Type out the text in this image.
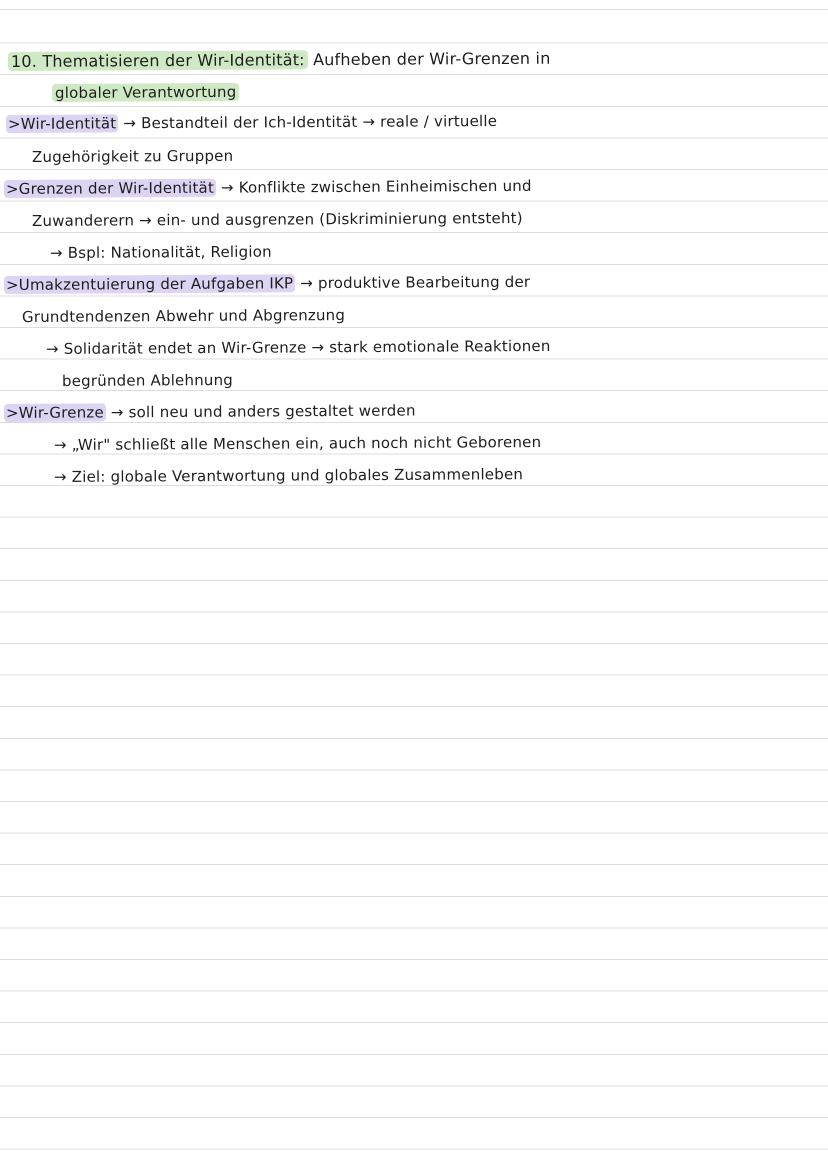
10. Thematisieren der Wir-Identität: Aufheben der Wir-Grenzen in
globaler Verantwortung
>Wir-Identität → Bestandteil der Ich-Identität → reale / virtuelle
Zugehörigkeit zu Gruppen
>Grenzen der Wir-Identität → Konflikte zwischen Einheimischen und
Zuwanderern → ein- und ausgrenzen (Diskriminierung entsteht)
→ Bspl: Nationalität, Religion
>Umakzentuierung der Aufgaben IKP → produktive Bearbeitung der
Grundtendenzen Abwehr und Abgrenzung
→ Solidarität endet an Wir-Grenze → stark emotionale Reaktionen
begründen Ablehnung
>Wir-Grenze → soll neu und anders gestaltet werden
→ „Wir" schließt alle Menschen ein, auch noch nicht Geborenen
→ Ziel: globale Verantwortung und globales Zusammenleben
